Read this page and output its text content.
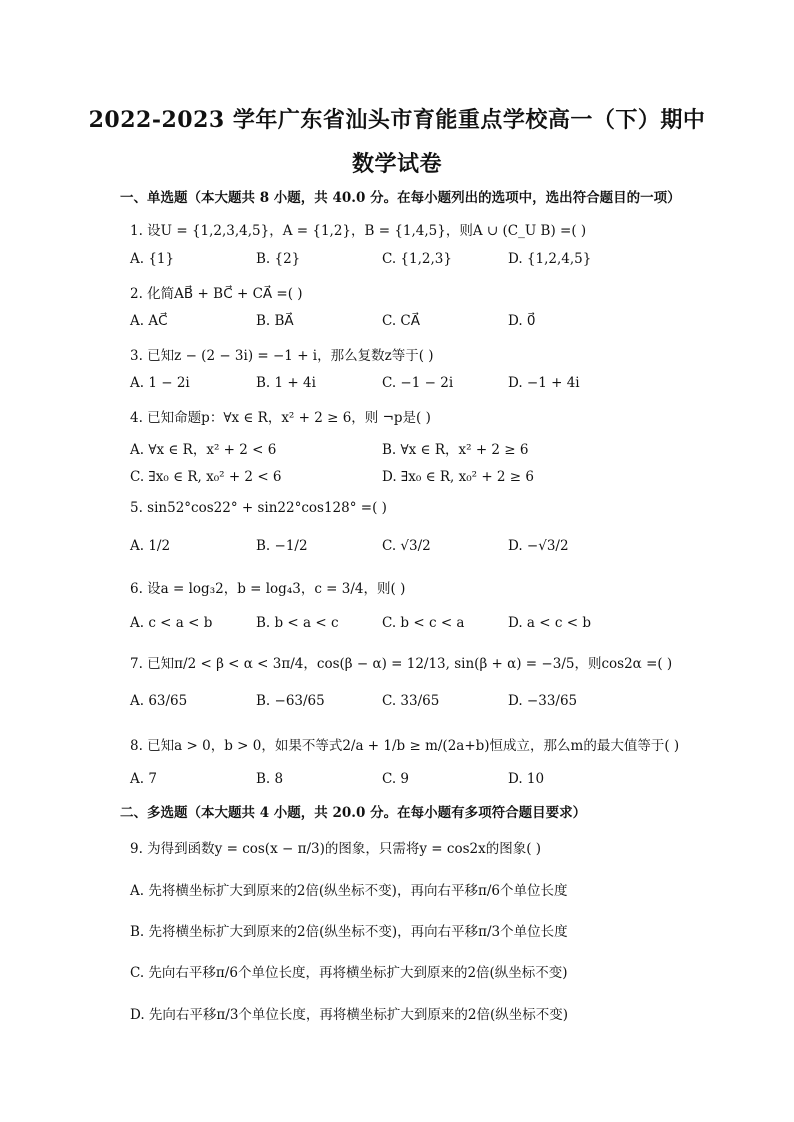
2022-2023 学年广东省汕头市育能重点学校高一（下）期中
数学试卷
一、单选题（本大题共 8 小题，共 40.0 分。在每小题列出的选项中，选出符合题目的一项）
1. 设U = {1,2,3,4,5}，A = {1,2}，B = {1,4,5}，则A ∪ (C_U B) =( )
A. {1}	B. {2}	C. {1,2,3}	D. {1,2,4,5}
2. 化简AB⃗ + BC⃗ + CA⃗ =( )
A. AC⃗	B. BA⃗	C. CA⃗	D. 0⃗
3. 已知z − (2 − 3i) = −1 + i，那么复数z等于( )
A. 1 − 2i	B. 1 + 4i	C. −1 − 2i	D. −1 + 4i
4. 已知命题p：∀x ∈ R，x² + 2 ≥ 6，则 ¬p是( )
A. ∀x ∈ R，x² + 2 < 6	B. ∀x ∈ R，x² + 2 ≥ 6
C. ∃x₀ ∈ R, x₀² + 2 < 6	D. ∃x₀ ∈ R, x₀² + 2 ≥ 6
5. sin52°cos22° + sin22°cos128° =( )
A. 1/2	B. −1/2	C. √3/2	D. −√3/2
6. 设a = log₃2，b = log₄3，c = 3/4，则( )
A. c < a < b	B. b < a < c	C. b < c < a	D. a < c < b
7. 已知π/2 < β < α < 3π/4，cos(β − α) = 12/13, sin(β + α) = −3/5，则cos2α =( )
A. 63/65	B. −63/65	C. 33/65	D. −33/65
8. 已知a > 0，b > 0，如果不等式2/a + 1/b ≥ m/(2a+b)恒成立，那么m的最大值等于( )
A. 7	B. 8	C. 9	D. 10
二、多选题（本大题共 4 小题，共 20.0 分。在每小题有多项符合题目要求）
9. 为得到函数y = cos(x − π/3)的图象，只需将y = cos2x的图象( )
A. 先将横坐标扩大到原来的2倍(纵坐标不变)，再向右平移π/6个单位长度
B. 先将横坐标扩大到原来的2倍(纵坐标不变)，再向右平移π/3个单位长度
C. 先向右平移π/6个单位长度，再将横坐标扩大到原来的2倍(纵坐标不变)
D. 先向右平移π/3个单位长度，再将横坐标扩大到原来的2倍(纵坐标不变)
